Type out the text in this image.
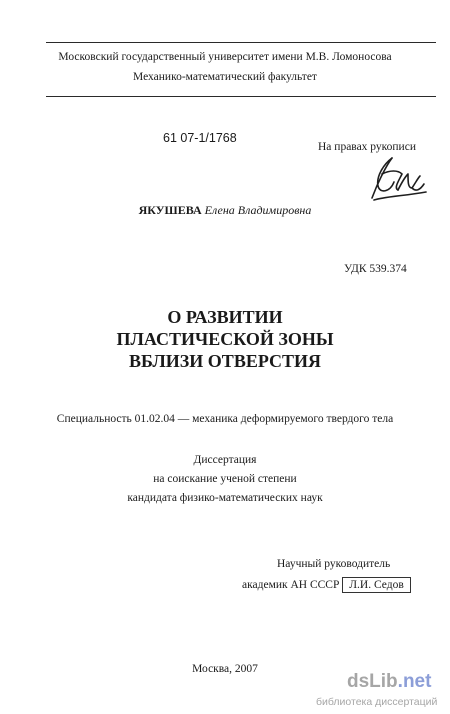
Московский государственный университет имени М.В. Ломоносова
Механико-математический факультет
61 07-1/1768
На правах рукописи
ЯКУШЕВА Елена Владимировна
УДК 539.374
О РАЗВИТИИ
ПЛАСТИЧЕСКОЙ ЗОНЫ
ВБЛИЗИ ОТВЕРСТИЯ
Специальность 01.02.04 — механика деформируемого твердого тела
Диссертация
на соискание ученой степени
кандидата физико-математических наук
Научный руководитель
академик АН СССР Л.И. Седов
Москва, 2007
dsLib.net
библиотека диссертаций
